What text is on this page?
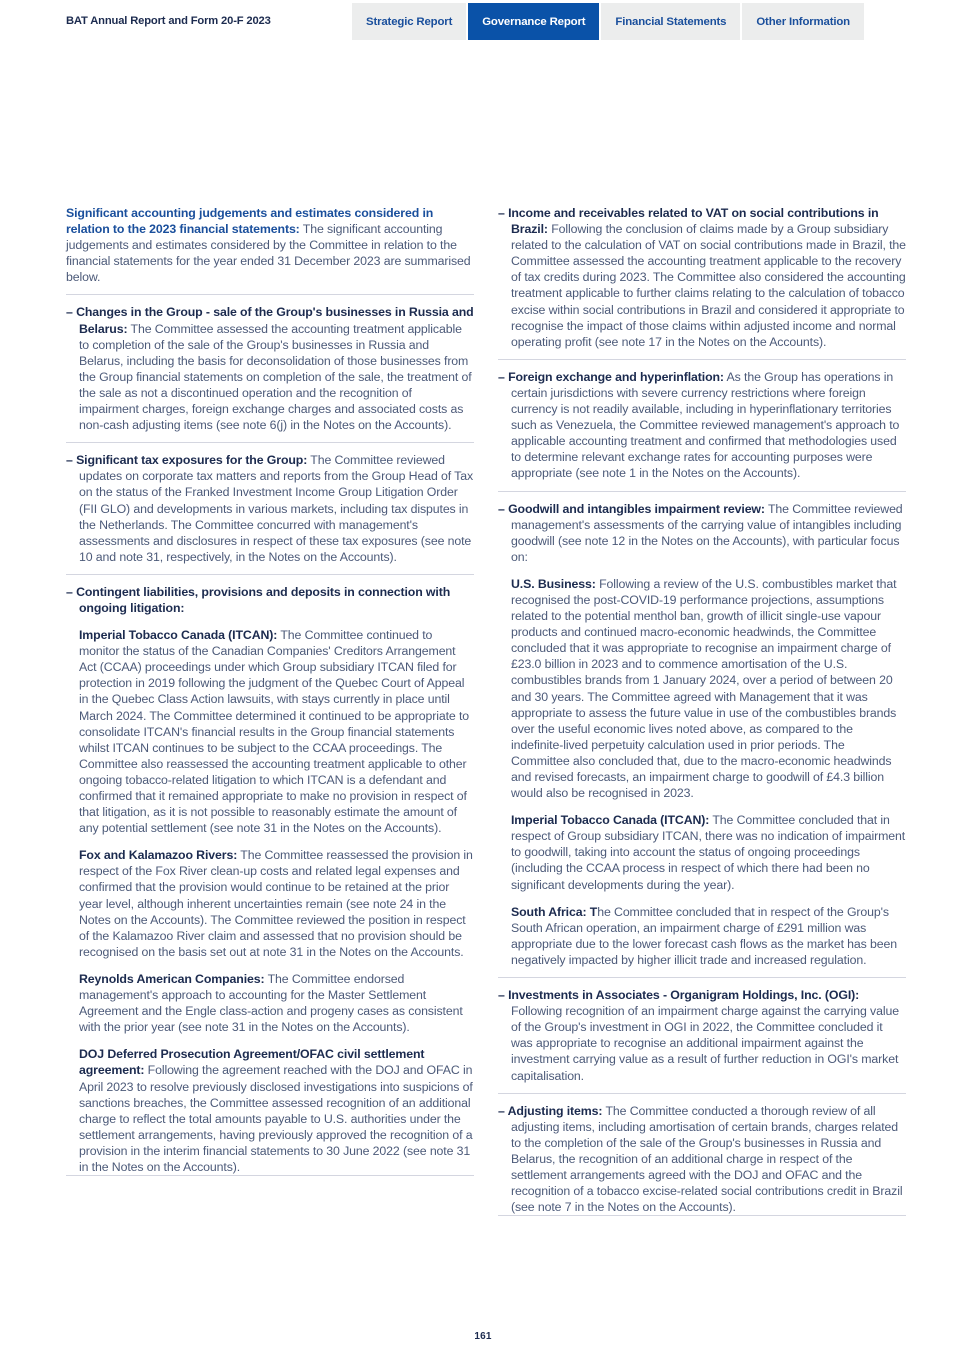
BAT Annual Report and Form 20-F 2023	Strategic Report	Governance Report	Financial Statements	Other Information

Significant accounting judgements and estimates considered in relation to the 2023 financial statements: The significant accounting judgements and estimates considered by the Committee in relation to the financial statements for the year ended 31 December 2023 are summarised below.

– Changes in the Group - sale of the Group's businesses in Russia and Belarus: The Committee assessed the accounting treatment applicable to completion of the sale of the Group's businesses in Russia and Belarus, including the basis for deconsolidation of those businesses from the Group financial statements on completion of the sale, the treatment of the sale as not a discontinued operation and the recognition of impairment charges, foreign exchange charges and associated costs as non-cash adjusting items (see note 6(j) in the Notes on the Accounts).

– Significant tax exposures for the Group: The Committee reviewed updates on corporate tax matters and reports from the Group Head of Tax on the status of the Franked Investment Income Group Litigation Order (FII GLO) and developments in various markets, including tax disputes in the Netherlands. The Committee concurred with management's assessments and disclosures in respect of these tax exposures (see note 10 and note 31, respectively, in the Notes on the Accounts).

– Contingent liabilities, provisions and deposits in connection with ongoing litigation:

Imperial Tobacco Canada (ITCAN): The Committee continued to monitor the status of the Canadian Companies' Creditors Arrangement Act (CCAA) proceedings under which Group subsidiary ITCAN filed for protection in 2019 following the judgment of the Quebec Court of Appeal in the Quebec Class Action lawsuits, with stays currently in place until March 2024. The Committee determined it continued to be appropriate to consolidate ITCAN's financial results in the Group financial statements whilst ITCAN continues to be subject to the CCAA proceedings. The Committee also reassessed the accounting treatment applicable to other ongoing tobacco-related litigation to which ITCAN is a defendant and confirmed that it remained appropriate to make no provision in respect of that litigation, as it is not possible to reasonably estimate the amount of any potential settlement (see note 31 in the Notes on the Accounts).

Fox and Kalamazoo Rivers: The Committee reassessed the provision in respect of the Fox River clean-up costs and related legal expenses and confirmed that the provision would continue to be retained at the prior year level, although inherent uncertainties remain (see note 24 in the Notes on the Accounts). The Committee reviewed the position in respect of the Kalamazoo River claim and assessed that no provision should be recognised on the basis set out at note 31 in the Notes on the Accounts.

Reynolds American Companies: The Committee endorsed management's approach to accounting for the Master Settlement Agreement and the Engle class-action and progeny cases as consistent with the prior year (see note 31 in the Notes on the Accounts).

DOJ Deferred Prosecution Agreement/OFAC civil settlement agreement: Following the agreement reached with the DOJ and OFAC in April 2023 to resolve previously disclosed investigations into suspicions of sanctions breaches, the Committee assessed recognition of an additional charge to reflect the total amounts payable to U.S. authorities under the settlement arrangements, having previously approved the recognition of a provision in the interim financial statements to 30 June 2022 (see note 31 in the Notes on the Accounts).

– Income and receivables related to VAT on social contributions in Brazil: Following the conclusion of claims made by a Group subsidiary related to the calculation of VAT on social contributions made in Brazil, the Committee assessed the accounting treatment applicable to the recovery of tax credits during 2023. The Committee also considered the accounting treatment applicable to further claims relating to the calculation of tobacco excise within social contributions in Brazil and considered it appropriate to recognise the impact of those claims within adjusted income and normal operating profit (see note 17 in the Notes on the Accounts).

– Foreign exchange and hyperinflation: As the Group has operations in certain jurisdictions with severe currency restrictions where foreign currency is not readily available, including in hyperinflationary territories such as Venezuela, the Committee reviewed management's approach to applicable accounting treatment and confirmed that methodologies used to determine relevant exchange rates for accounting purposes were appropriate (see note 1 in the Notes on the Accounts).

– Goodwill and intangibles impairment review: The Committee reviewed management's assessments of the carrying value of intangibles including goodwill (see note 12 in the Notes on the Accounts), with particular focus on:

U.S. Business: Following a review of the U.S. combustibles market that recognised the post-COVID-19 performance projections, assumptions related to the potential menthol ban, growth of illicit single-use vapour products and continued macro-economic headwinds, the Committee concluded that it was appropriate to recognise an impairment charge of £23.0 billion in 2023 and to commence amortisation of the U.S. combustibles brands from 1 January 2024, over a period of between 20 and 30 years. The Committee agreed with Management that it was appropriate to assess the future value in use of the combustibles brands over the useful economic lives noted above, as compared to the indefinite-lived perpetuity calculation used in prior periods. The Committee also concluded that, due to the macro-economic headwinds and revised forecasts, an impairment charge to goodwill of £4.3 billion would also be recognised in 2023.

Imperial Tobacco Canada (ITCAN): The Committee concluded that in respect of Group subsidiary ITCAN, there was no indication of impairment to goodwill, taking into account the status of ongoing proceedings (including the CCAA process in respect of which there had been no significant developments during the year).

South Africa: The Committee concluded that in respect of the Group's South African operation, an impairment charge of £291 million was appropriate due to the lower forecast cash flows as the market has been negatively impacted by higher illicit trade and increased regulation.

– Investments in Associates - Organigram Holdings, Inc. (OGI): Following recognition of an impairment charge against the carrying value of the Group's investment in OGI in 2022, the Committee concluded it was appropriate to recognise an additional impairment against the investment carrying value as a result of further reduction in OGI's market capitalisation.

– Adjusting items: The Committee conducted a thorough review of all adjusting items, including amortisation of certain brands, charges related to the completion of the sale of the Group's businesses in Russia and Belarus, the recognition of an additional charge in respect of the settlement arrangements agreed with the DOJ and OFAC and the recognition of a tobacco excise-related social contributions credit in Brazil (see note 7 in the Notes on the Accounts).

161
